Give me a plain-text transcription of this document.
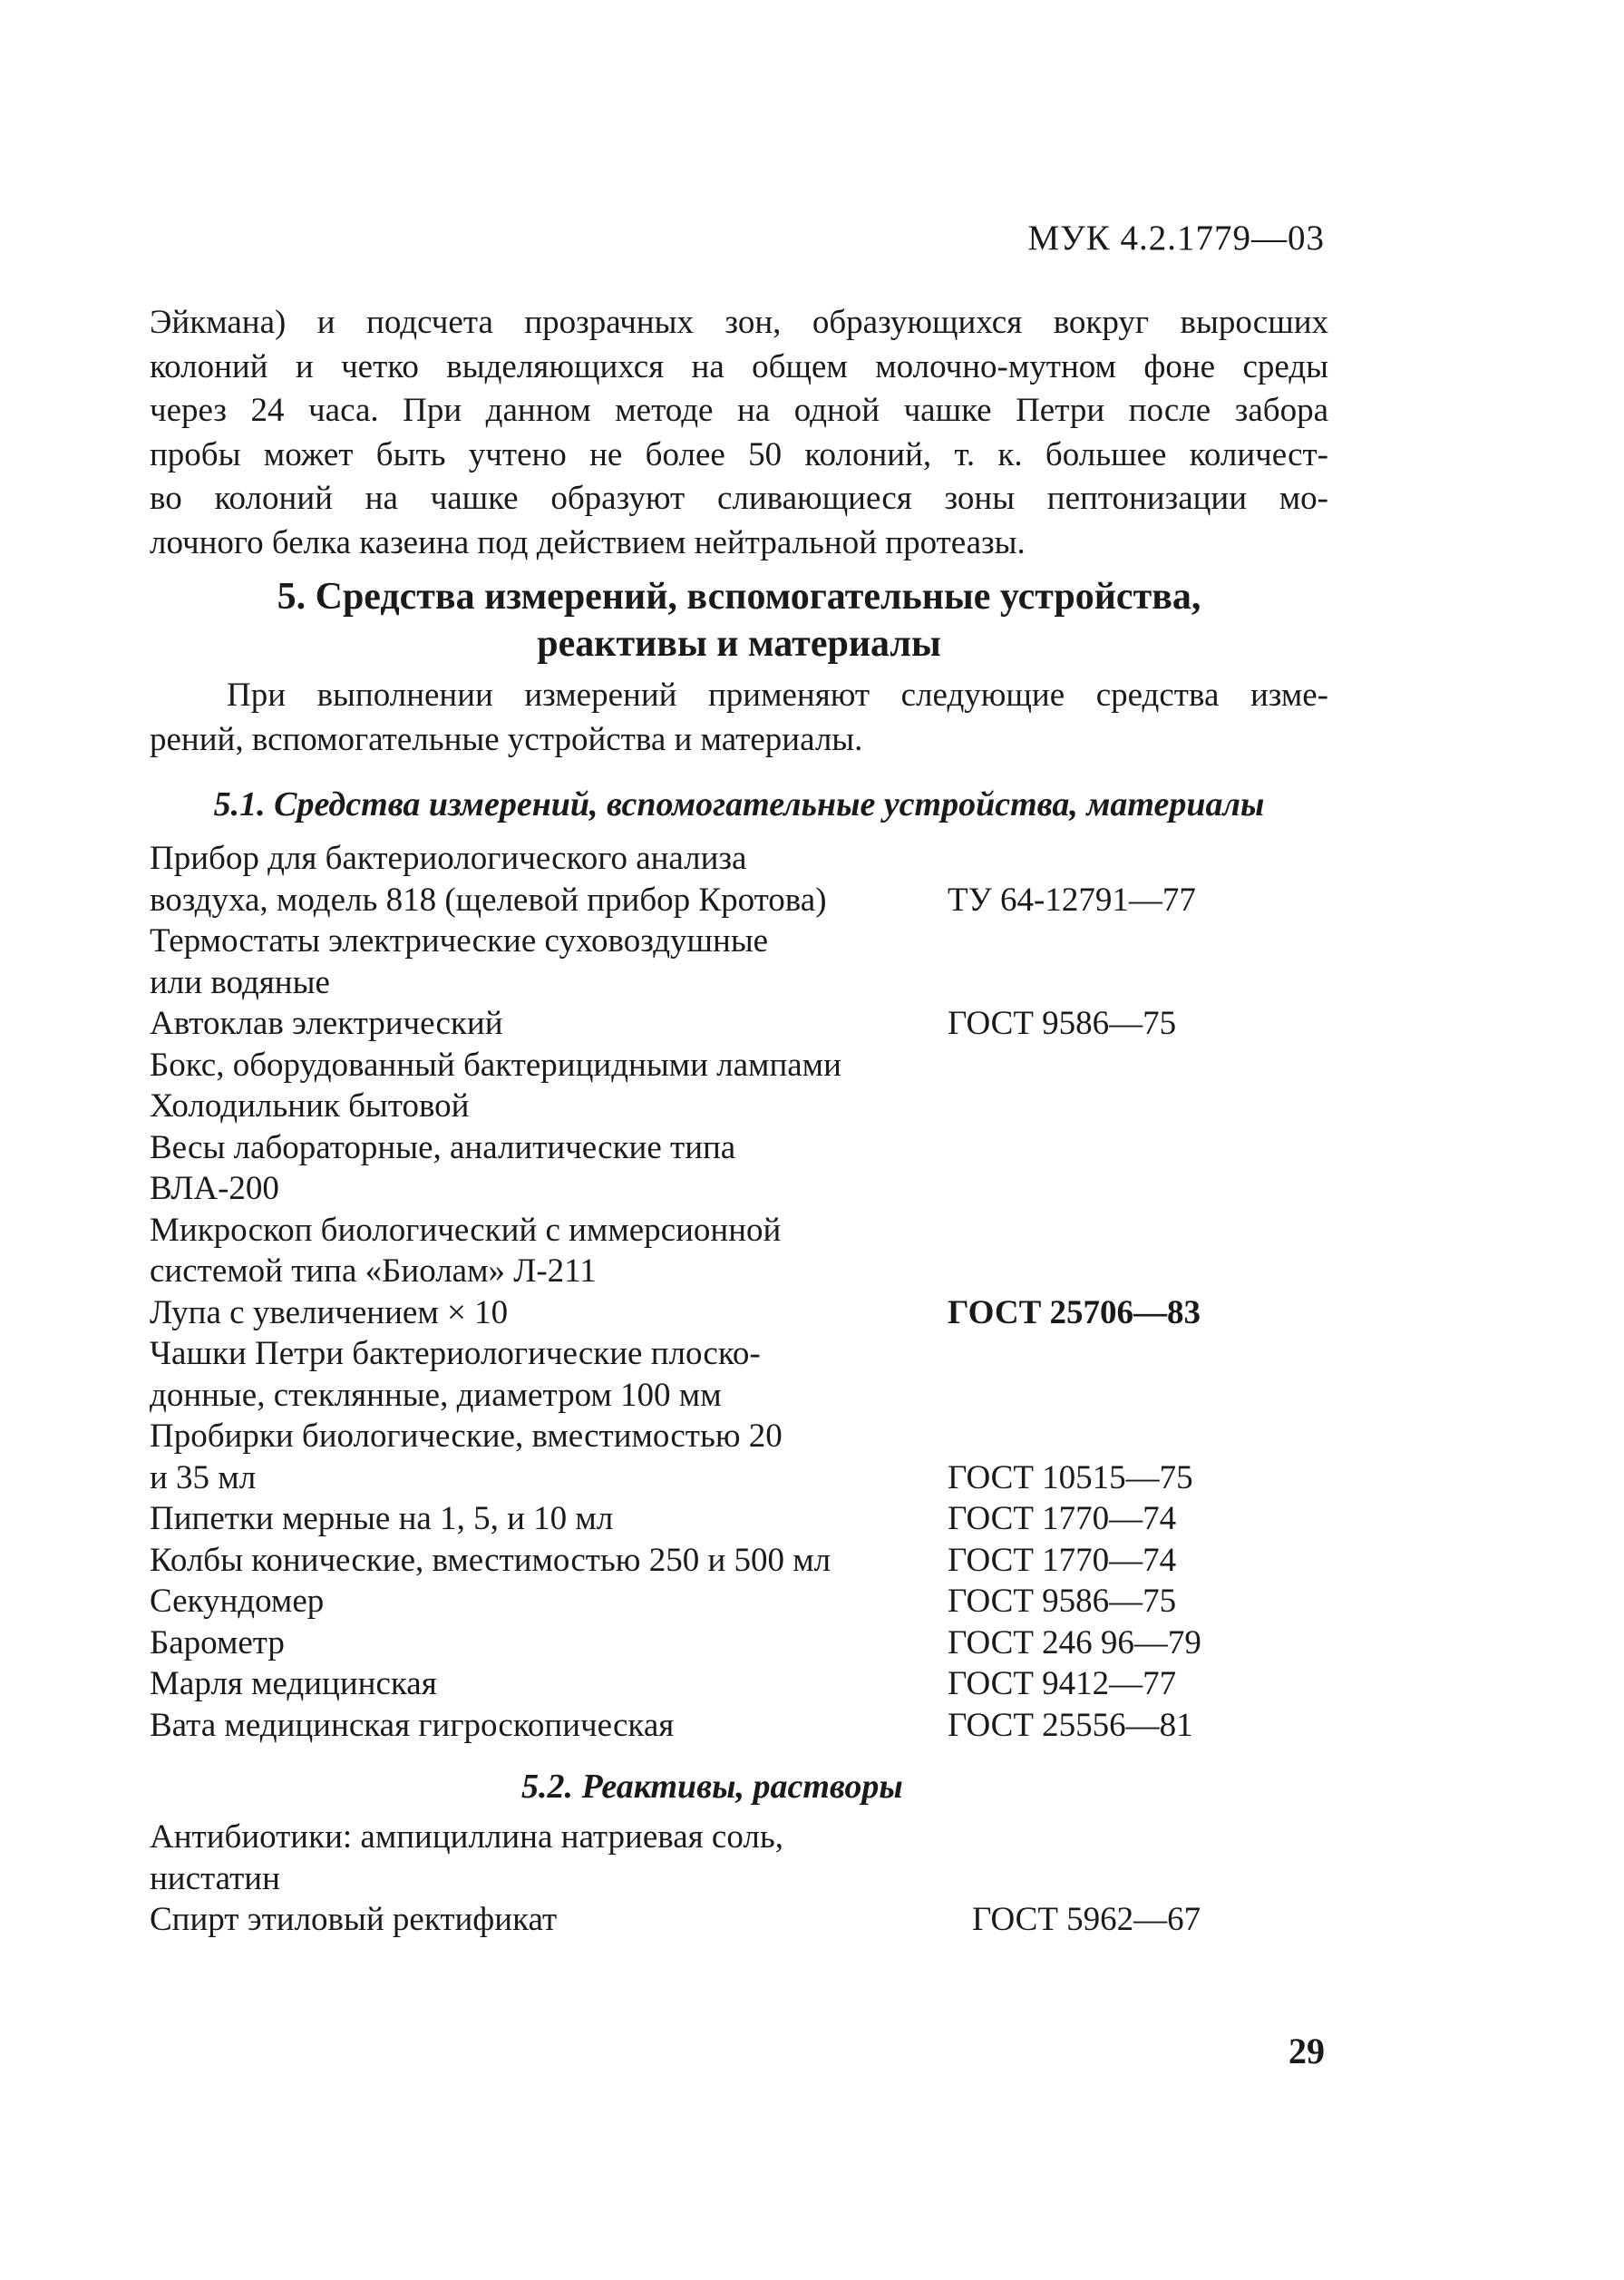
МУК 4.2.1779—03
Эйкмана) и подсчета прозрачных зон, образующихся вокруг выросших
колоний и четко выделяющихся на общем молочно-мутном фоне среды
через 24 часа. При данном методе на одной чашке Петри после забора
пробы может быть учтено не более 50 колоний, т. к. большее количест-
во колоний на чашке образуют сливающиеся зоны пептонизации мо-
лочного белка казеина под действием нейтральной протеазы.
5. Средства измерений, вспомогательные устройства,
реактивы и материалы
При выполнении измерений применяют следующие средства изме-
рений, вспомогательные устройства и материалы.
5.1. Средства измерений, вспомогательные устройства, материалы
Прибор для бактериологического анализа
воздуха, модель 818 (щелевой прибор Кротова)	ТУ 64-12791—77
Термостаты электрические суховоздушные
или водяные
Автоклав электрический	ГОСТ 9586—75
Бокс, оборудованный бактерицидными лампами
Холодильник бытовой
Весы лабораторные, аналитические типа
ВЛА-200
Микроскоп биологический с иммерсионной
системой типа «Биолам» Л-211
Лупа с увеличением × 10	ГОСТ 25706—83
Чашки Петри бактериологические плоско-
донные, стеклянные, диаметром 100 мм
Пробирки биологические, вместимостью 20
и 35 мл	ГОСТ 10515—75
Пипетки мерные на 1, 5, и 10 мл	ГОСТ 1770—74
Колбы конические, вместимостью 250 и 500 мл	ГОСТ 1770—74
Секундомер	ГОСТ 9586—75
Барометр	ГОСТ 246 96—79
Марля медицинская	ГОСТ 9412—77
Вата медицинская гигроскопическая	ГОСТ 25556—81
5.2. Реактивы, растворы
Антибиотики: ампициллина натриевая соль,
нистатин
Спирт этиловый ректификат	ГОСТ 5962—67
29
